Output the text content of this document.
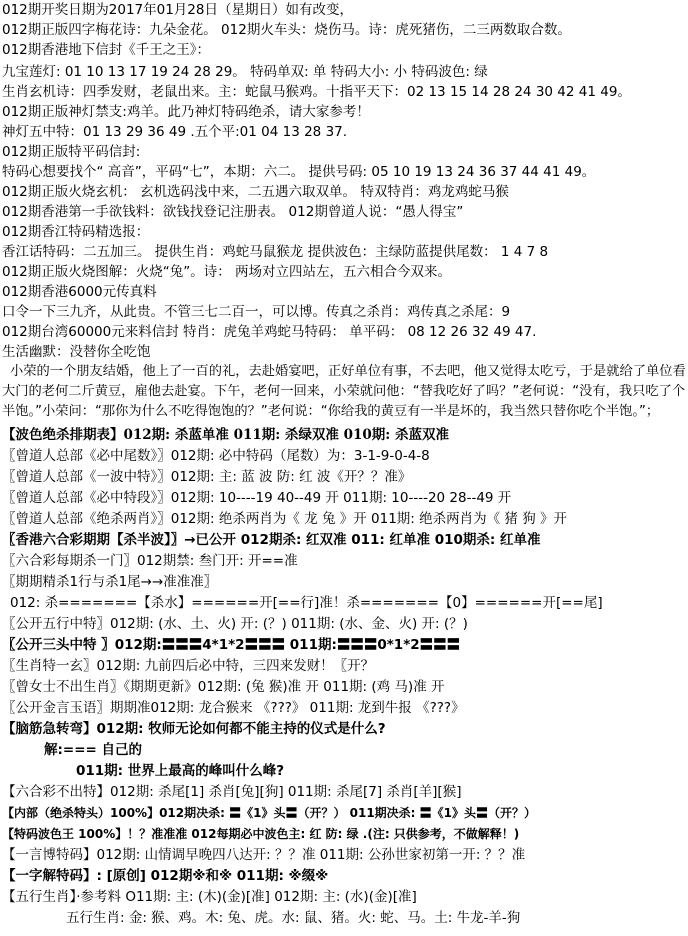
012期开奖日期为2017年01月28日（星期日）如有改变，
012期正版四字梅花诗：九朵金花。 012期火车头：烧伤马。诗：虎死猪伤，二三两数取合数。
012期香港地下信封《千王之王》：
九宝莲灯: 01 10 13 17 19 24 28 29。 特码单双: 单 特码大小: 小 特码波色: 绿
生肖玄机诗：四季发财，老鼠出来。主：蛇鼠马猴鸡。十指平天下：02 13 15 14 28 24 30 42 41 49。
012期正版神灯禁支:鸡羊。此乃神灯特码绝杀，请大家参考！
神灯五中特：01 13 29 36 49 .五个平:01 04 13 28 37.
012期正版特平码信封:
特码心想要找个“ 高音”，平码“七”，本期：六二。 提供号码: 05 10 19 13 24 36 37 44 41 49。
012期正版火烧玄机： 玄机选码浅中来，二五遇六取双单。 特双特肖：鸡龙鸡蛇马猴
012期香港第一手欲钱料：欲钱找登记注册表。 012期曾道人说：“愚人得宝”
012期香江特码精选报：
香江话特码：二五加三。 提供生肖：鸡蛇马鼠猴龙 提供波色：主绿防蓝提供尾数： 1 4 7 8
012期正版火烧图解：火烧“兔”。诗： 两场对立四站左，五六相合今双来。
012期香港6000元传真料
口令一下三九齐，从此贵。不管三七二百一，可以博。传真之杀肖：鸡传真之杀尾：9
012期台湾60000元来料信封 特肖：虎兔羊鸡蛇马特码： 单平码： 08 12 26 32 49 47.
生活幽默：没替你全吃饱
小荣的一个朋友结婚，他上了一百的礼，去赴婚宴吧，正好单位有事，不去吧，他又觉得太吃亏，于是就给了单位看大门的老何二斤黄豆，雇他去赴宴。下午，老何一回来，小荣就问他：“替我吃好了吗？”老何说：“没有，我只吃了个半饱。”小荣问：“那你为什么不吃得饱饱的？”老何说：“你给我的黄豆有一半是坏的，我当然只替你吃个半饱。”；
【波色绝杀排期表】012期: 杀蓝单准 011期: 杀绿双准 010期: 杀蓝双准
〖曾道人总部《必中尾数》〗012期: 必中特码（尾数）为：3-1-9-0-4-8
〖曾道人总部《一波中特》〗012期: 主: 蓝 波 防: 红 波《开？？准》
〖曾道人总部《必中特段》〗012期: 10----19 40--49 开 011期: 10----20 28--49 开
〖曾道人总部《绝杀两肖》〗012期: 绝杀两肖为《 龙 兔 》开 011期: 绝杀两肖为《 猪 狗 》开
〖香港六合彩期期【杀半波】〗→已公开 012期杀: 红双准 011: 红单准 010期杀: 红单准
〖六合彩每期杀一门〗012期禁: 叁门开: 开==准
〖期期精杀1行与杀1尾→→准准准〗
012: 杀=======【杀水】======开[==行]准！杀=======【0】======开[==尾]
〖公开五行中特〗012期: (水、土、火) 开: (？) 011期: (水、金、火) 开: (？)
〖公开三头中特 〗012期:〓〓〓4*1*2〓〓〓 011期:〓〓〓0*1*2〓〓〓
〖生肖特一玄〗012期: 九前四后必中特，三四来发财！〖开？
〖曾女士不出生肖〗《期期更新》012期: (兔 猴)准 开 011期: (鸡 马)准 开
〖公开金言玉语〗期期准012期: 龙合猴来 《???》 011期: 龙到牛报 《???》
【脑筋急转弯】012期: 牧师无论如何都不能主持的仪式是什么?
解:=== 自己的
011期: 世界上最高的峰叫什么峰?
【六合彩不出特】012期: 杀尾[1] 杀肖[兔][狗] 011期: 杀尾[7] 杀肖[羊][猴]
【内部（绝杀特头）100%】012期决杀: 〓《1》头〓（开？） 011期决杀: 〓《1》头〓（开？）
【特码波色王 100%】！？准准准 012每期必中波色主: 红 防: 绿 .(注: 只供参考，不做解释！)
【一言博特码】012期: 山情调早晚四八达开: ？？准 011期: 公孙世家初第一开: ？？准
【一字解特码】: [原创] 012期※和※ 011期: ※缀※
【五行生肖】·参考料 O11期: 主: (木)(金)[准] 012期: 主: (水)(金)[准]
五行生肖: 金: 猴、鸡。木: 兔、虎。水: 鼠、猪。火: 蛇、马。土: 牛龙-羊-狗
